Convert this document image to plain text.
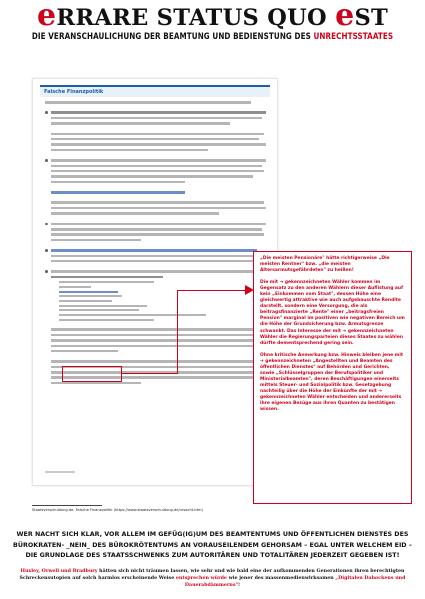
eRRARE STATUS QUO eST
DIE VERANSCHAULICHUNG DER BEAMTUNG UND BEDIENSTUNG DES UNRECHTSSTAATES
Falsche Finanzpolitik
Staatsverschuldung.de, Falsche Finanzpolitik (https://www.staatsverschuldung.de/ursacht.htm)

„Die meisten Pensionäre" hätte richtigerweise „Die meisten Rentner" bzw. „die meisten Altersarmutsgefährdeten" zu heißen!

Die mit ➔ gekennzeichneten Wähler kommen im Gegensatz zu den anderen Wählern dieser Auflistung auf kein „Einkommen vom Staat", dessen Höhe eine gleichwertig attraktive wie auch aufgebauschte Rendite darstellt, sondern eine Versorgung, die als beitragsfinanzierte „Rente" einer „beitragsfreien Pension" marginal im positiven wie negativen Bereich um die Höhe der Grundsicherung bzw. Armutsgrenze schwankt. Das Interesse der mit ➔ gekennzeichneten Wähler die Regierungsparteien dieses Staates zu wählen dürfte dementsprechend gering sein.

Ohne kritische Anmerkung bzw. Hinweis bleiben jene mit ➔ gekennzeichneten „Angestellten und Beamten des öffentlichen Dienstes" auf Behörden und Gerichten, sowie „Schlüsselgruppen der Berufspolitiker und Ministerialbeamten", deren Beschäftigungen einerseits mittels Steuer- und Sozialpolitik bzw. Gesetzgebung nachteilig über die Höhe der Einkünfte der mit ➔ gekennzeichneten Wähler entscheiden und andererseits ihre eigenen Bezüge aus ihren Quanten zu bestätigen wissen.

WER NACHT SICH KLAR, VOR ALLEM IM GEFÜG(IG)UM DES BEAMTENTUMS UND ÖFFENTLICHEN DIENSTES DES
BÜROKRATEN- _NEIN_ DES BÜROKRÖTENTUMS AN VORAUSEILENDEM GEHORSAM – EGAL UNTER WELCHEM EID –
DIE GRUNDLAGE DES STAATSSCHWENKS ZUM AUTORITÄREN UND TOTALITÄREN JEDERZEIT GEGEBEN IST!
Huxley, Orwell und Bradbury hätten sich nicht träumen lassen, wie sehr und wie bald eine der aufkommenden Generationen ihren berechtigten Schreckensutopien auf solch harmlos erscheinende Weise entsprechen würde wie jener des massenmedienwirksamen „Digitalen Dahockens und Dauerabdämmerns"!
